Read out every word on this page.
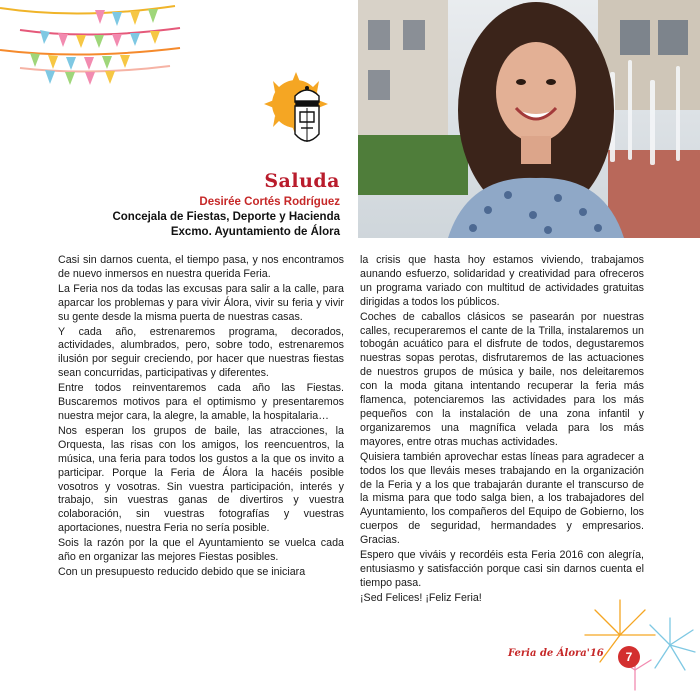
Saluda
Desirée Cortés Rodríguez
Concejala de Fiestas, Deporte y Hacienda
Excmo. Ayuntamiento de Álora

Casi sin darnos cuenta, el tiempo pasa, y nos encontramos de nuevo inmersos en nuestra querida Feria.

La Feria nos da todas las excusas para salir a la calle, para aparcar los problemas y para vivir Álora, vivir su feria y vivir su gente desde la misma puerta de nuestras casas.

Y cada año, estrenaremos programa, decorados, actividades, alumbrados, pero, sobre todo, estrenaremos ilusión por seguir creciendo, por hacer que nuestras fiestas sean concurridas, participativas y diferentes.

Entre todos reinventaremos cada año las Fiestas. Buscaremos motivos para el optimismo y presentaremos nuestra mejor cara, la alegre, la amable, la hospitalaria…

Nos esperan los grupos de baile, las atracciones, la Orquesta, las risas con los amigos, los reencuentros, la música, una feria para todos los gustos a la que os invito a participar. Porque la Feria de Álora la hacéis posible vosotros y vosotras. Sin vuestra participación, interés y trabajo, sin vuestras ganas de divertiros y vuestra colaboración, sin vuestras fotografías y vuestras aportaciones, nuestra Feria no sería posible.

Sois la razón por la que el Ayuntamiento se vuelca cada año en organizar las mejores Fiestas posibles.

Con un presupuesto reducido debido que se iniciara

la crisis que hasta hoy estamos viviendo, trabajamos aunando esfuerzo, solidaridad y creatividad para ofreceros un programa variado con multitud de actividades gratuitas dirigidas a todos los públicos.

Coches de caballos clásicos se pasearán por nuestras calles, recuperaremos el cante de la Trilla, instalaremos un tobogán acuático para el disfrute de todos, degustaremos nuestras sopas perotas, disfrutaremos de las actuaciones de nuestros grupos de música y baile, nos deleitaremos con la moda gitana intentando recuperar la feria más flamenca, potenciaremos las actividades para los más pequeños con la instalación de una zona infantil y organizaremos una magnífica velada para los más mayores, entre otras muchas actividades.

Quisiera también aprovechar estas líneas para agradecer a todos los que lleváis meses trabajando en la organización de la Feria y a los que trabajarán durante el transcurso de la misma para que todo salga bien, a los trabajadores del Ayuntamiento, los compañeros del Equipo de Gobierno, los cuerpos de seguridad, hermandades y empresarios. Gracias.

Espero que viváis y recordéis esta Feria 2016 con alegría, entusiasmo y satisfacción porque casi sin darnos cuenta el tiempo pasa.

¡Sed Felices! ¡Feliz Feria!

Feria de Álora'16	7
